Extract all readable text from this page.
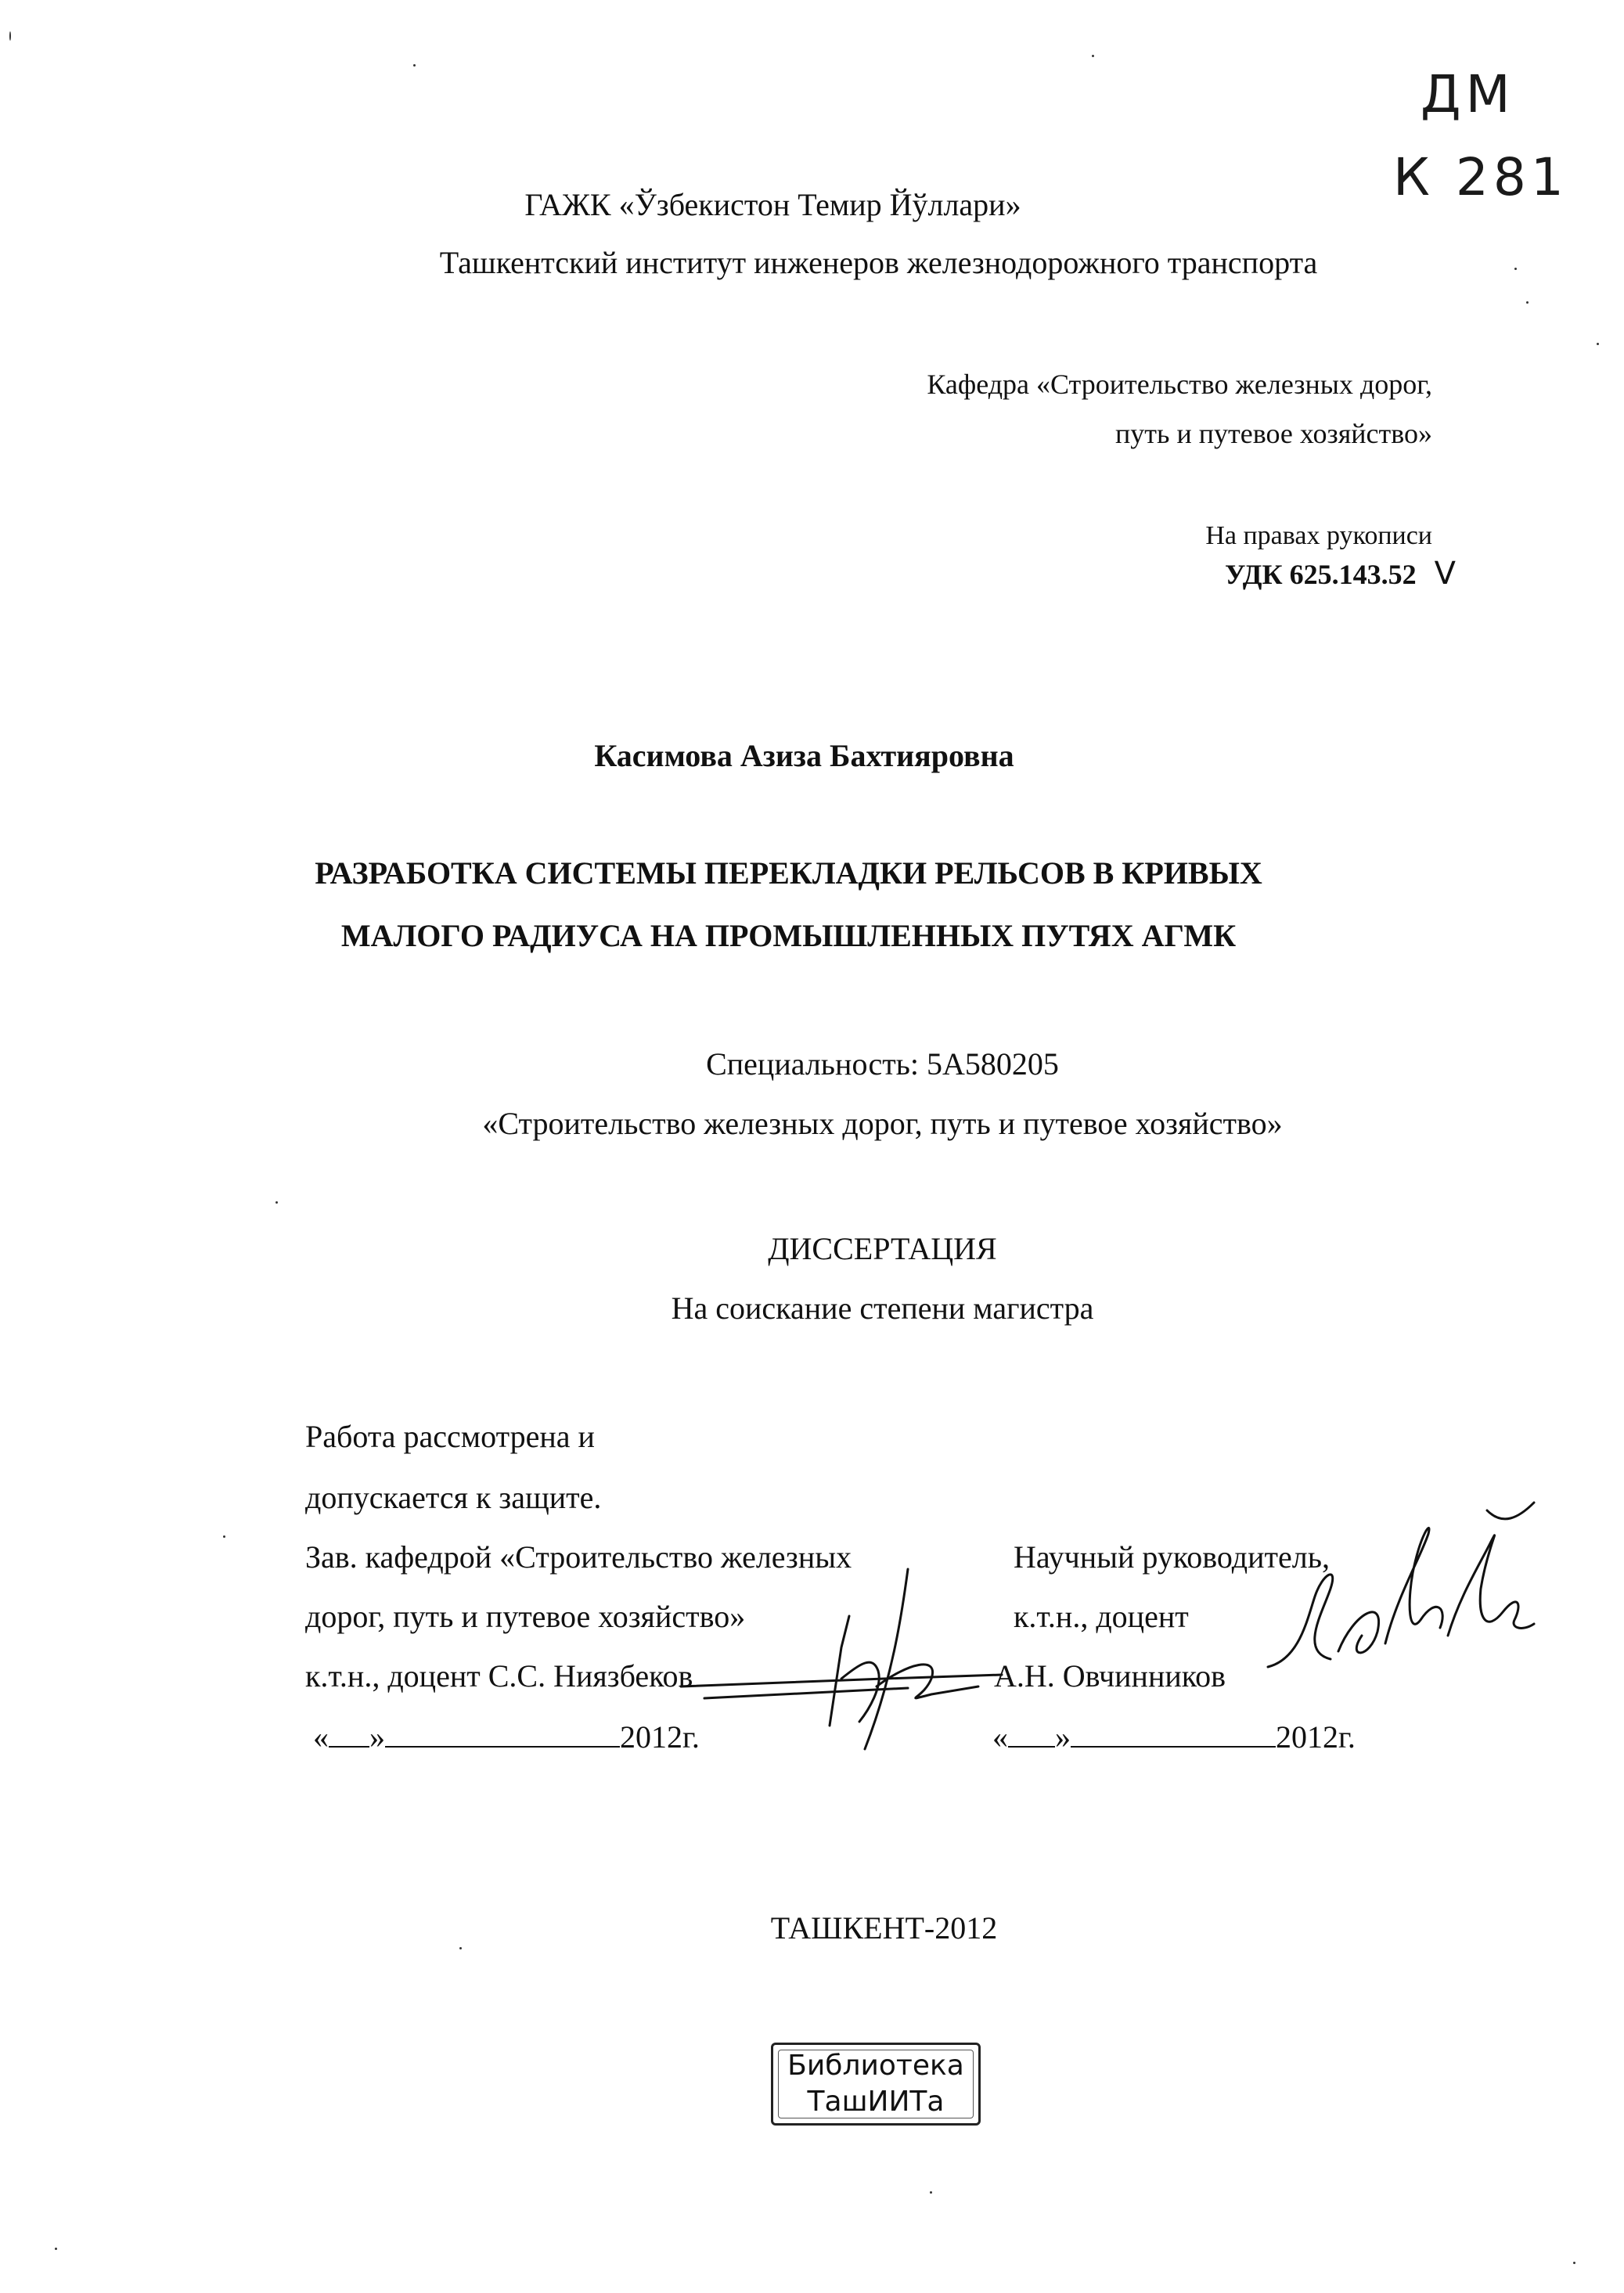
ДМ
К 281
ГАЖК «Ўзбекистон Темир Йўллари»
Ташкентский институт инженеров железнодорожного транспорта
Кафедра «Строительство железных дорог,
путь и путевое хозяйство»
На правах рукописи
УДК 625.143.52 V
Касимова Азиза Бахтияровна
РАЗРАБОТКА СИСТЕМЫ ПЕРЕКЛАДКИ РЕЛЬСОВ В КРИВЫХ
МАЛОГО РАДИУСА НА ПРОМЫШЛЕННЫХ ПУТЯХ АГМК
Специальность: 5А580205
«Строительство железных дорог, путь и путевое хозяйство»
ДИССЕРТАЦИЯ
На соискание степени магистра
Работа рассмотрена и
допускается к защите.
Зав. кафедрой «Строительство железных
дорог, путь и путевое хозяйство»
к.т.н., доцент С.С. Ниязбеков
« »	2012г.
Научный руководитель,
к.т.н., доцент
А.Н. Овчинников
« »	2012г.
ТАШКЕНТ-2012
Библиотека
ТашИИТа
